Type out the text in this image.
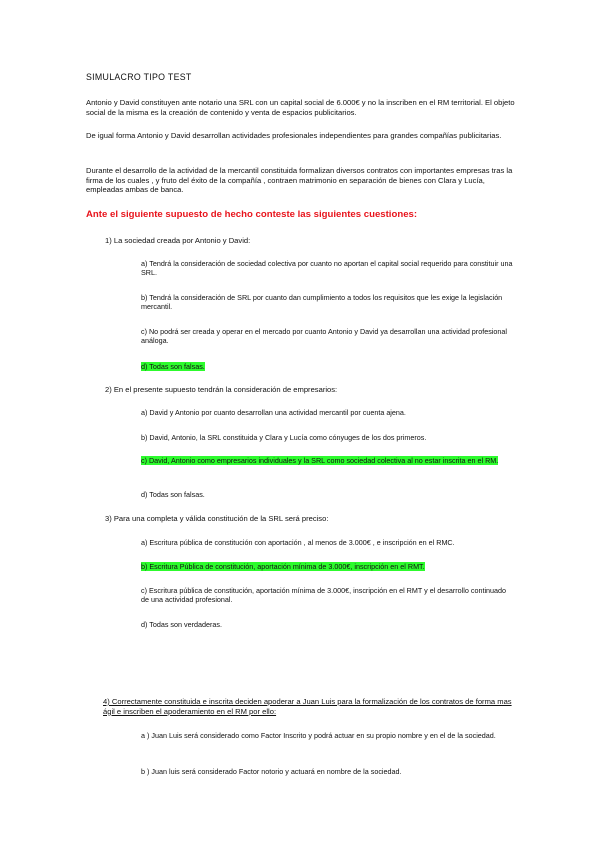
SIMULACRO TIPO TEST
Antonio y David constituyen ante notario una SRL con un capital social de 6.000€ y no la inscriben en el RM territorial. El objeto social de la misma es la creación de contenido y venta de espacios publicitarios.
De igual forma Antonio y David desarrollan actividades profesionales independientes para grandes compañías publicitarias.
Durante el desarrollo de la actividad de la mercantil constituida formalizan diversos contratos con importantes empresas tras la firma de los cuales , y fruto del éxito de la compañía , contraen matrimonio en separación de bienes con Clara y Lucía, empleadas ambas de banca.
Ante el siguiente supuesto de hecho conteste las siguientes cuestiones:
1) La sociedad creada por Antonio y David:
a) Tendrá la consideración de sociedad colectiva por cuanto no aportan el capital social requerido para constituir una SRL.
b) Tendrá la consideración de SRL por cuanto dan cumplimiento a todos los requisitos que les exige la legislación mercantil.
c) No podrá ser creada y operar en el mercado por cuanto Antonio y David ya desarrollan una actividad profesional análoga.
d) Todas son falsas.
2) En el presente supuesto tendrán la consideración de empresarios:
a) David y Antonio por cuanto desarrollan una actividad mercantil por cuenta ajena.
b) David, Antonio, la SRL constituida y Clara y Lucía como cónyuges de los dos primeros.
c) David, Antonio como empresarios individuales y la SRL como sociedad colectiva al no estar inscrita en el RM.
d) Todas son falsas.
3) Para una completa y válida constitución de la SRL será preciso:
a) Escritura pública de constitución con aportación , al menos de 3.000€ , e inscripción en el RMC.
b) Escritura Pública de constitución, aportación mínima de 3.000€, inscripción en el RMT.
c) Escritura pública de constitución, aportación mínima de 3.000€, inscripción en el RMT y el desarrollo continuado de una actividad profesional.
d) Todas son verdaderas.
4) Correctamente constituida e inscrita deciden apoderar a Juan Luis para la formalización de los contratos de forma mas ágil e inscriben el apoderamiento en el RM por ello:
a ) Juan Luis será considerado como Factor Inscrito y podrá actuar en su propio nombre y en el de la sociedad.
b ) Juan luis será considerado Factor notorio y actuará en nombre de la sociedad.
